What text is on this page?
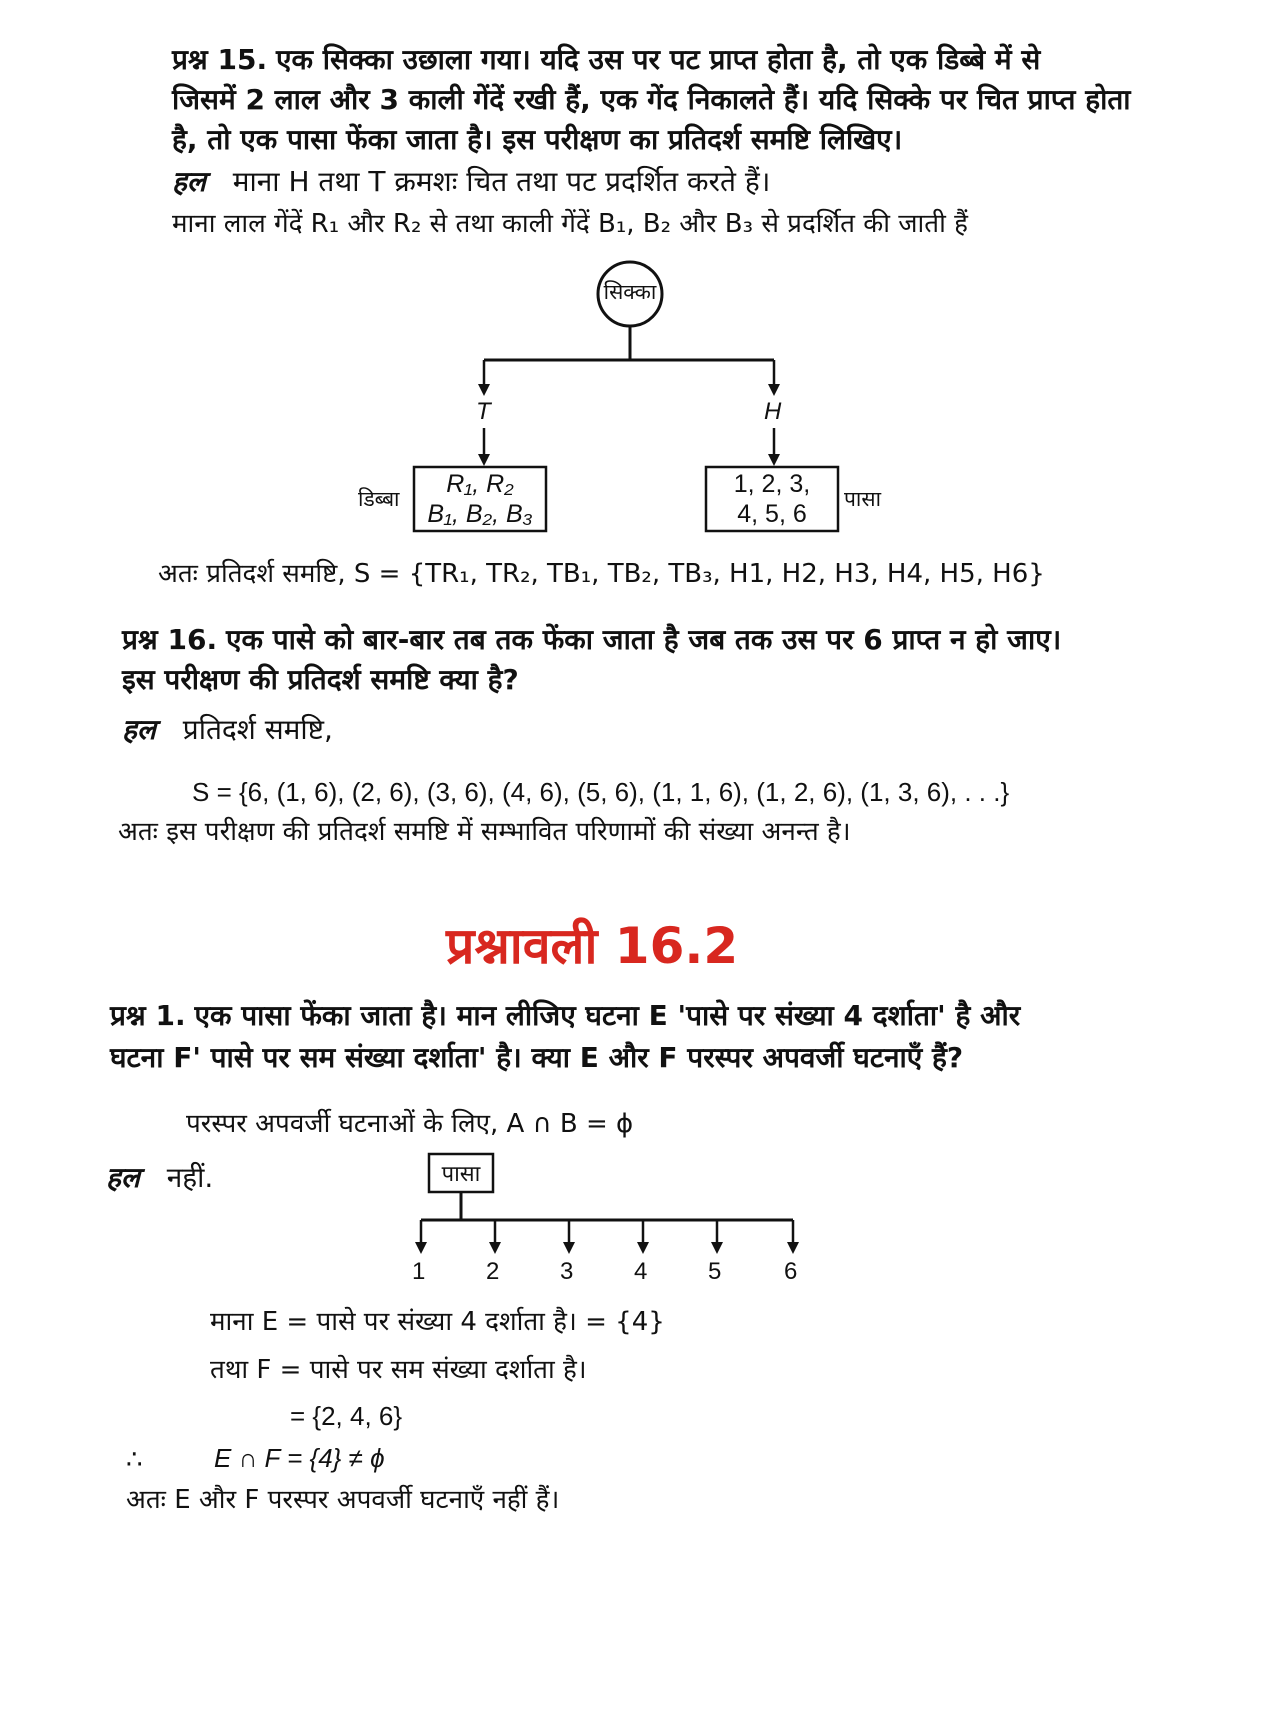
प्रश्न 15. एक सिक्का उछाला गया। यदि उस पर पट प्राप्त होता है, तो एक डिब्बे में से
जिसमें 2 लाल और 3 काली गेंदें रखी हैं, एक गेंद निकालते हैं। यदि सिक्के पर चित प्राप्त होता
है, तो एक पासा फेंका जाता है। इस परीक्षण का प्रतिदर्श समष्टि लिखिए।
हल माना H तथा T क्रमशः चित तथा पट प्रदर्शित करते हैं।
माना लाल गेंदें R₁ और R₂ से तथा काली गेंदें B₁, B₂ और B₃ से प्रदर्शित की जाती हैं
सिक्का
T	H
R₁, R₂
B₁, B₂, B₃
डिब्बा
1, 2, 3,
4, 5, 6
पासा
अतः प्रतिदर्श समष्टि, S = {TR₁, TR₂, TB₁, TB₂, TB₃, H1, H2, H3, H4, H5, H6}
प्रश्न 16. एक पासे को बार-बार तब तक फेंका जाता है जब तक उस पर 6 प्राप्त न हो जाए।
इस परीक्षण की प्रतिदर्श समष्टि क्या है?
हल प्रतिदर्श समष्टि,
S = {6, (1, 6), (2, 6), (3, 6), (4, 6), (5, 6), (1, 1, 6), (1, 2, 6), (1, 3, 6), . . .}
अतः इस परीक्षण की प्रतिदर्श समष्टि में सम्भावित परिणामों की संख्या अनन्त है।
प्रश्नावली 16.2
प्रश्न 1. एक पासा फेंका जाता है। मान लीजिए घटना E 'पासे पर संख्या 4 दर्शाता' है और
घटना F' पासे पर सम संख्या दर्शाता' है। क्या E और F परस्पर अपवर्जी घटनाएँ हैं?
परस्पर अपवर्जी घटनाओं के लिए, A ∩ B = ϕ
हल नहीं.	पासा
1	2	3	4	5	6
माना E = पासे पर संख्या 4 दर्शाता है। = {4}
तथा F = पासे पर सम संख्या दर्शाता है।
= {2, 4, 6}
∴	E ∩ F = {4} ≠ ϕ
अतः E और F परस्पर अपवर्जी घटनाएँ नहीं हैं।
